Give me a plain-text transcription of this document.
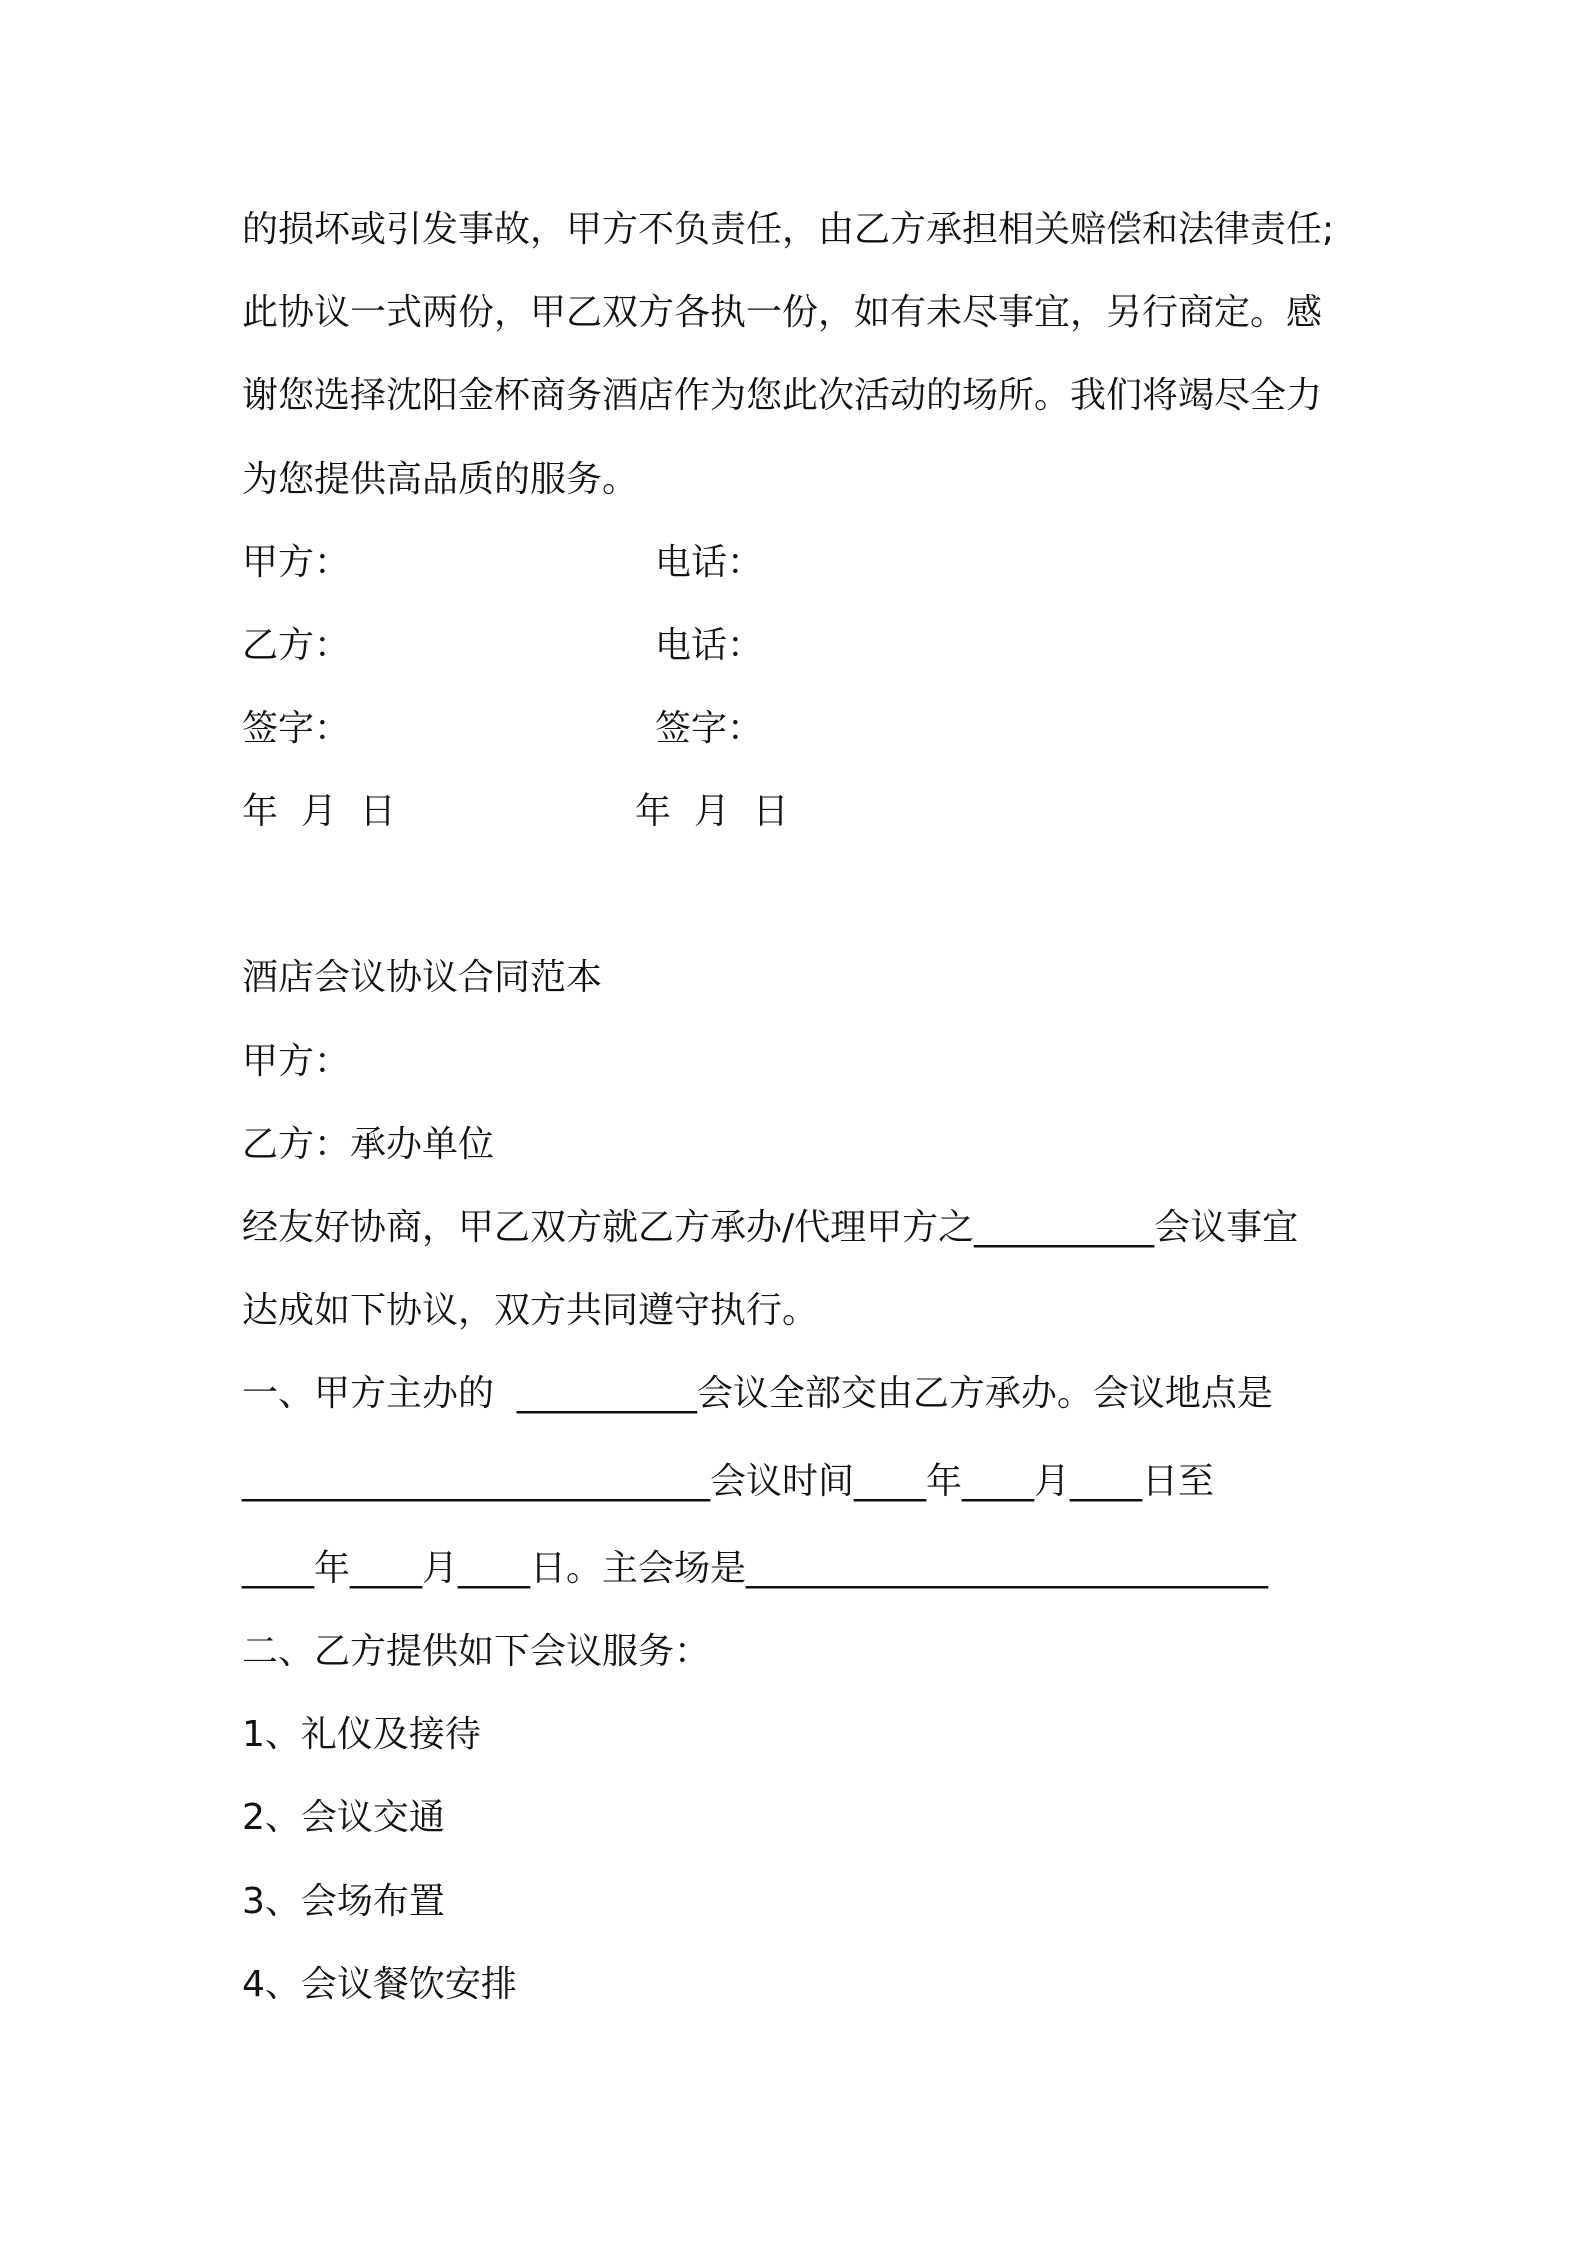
的损坏或引发事故，甲方不负责任，由乙方承担相关赔偿和法律责任;
此协议一式两份，甲乙双方各执一份，如有未尽事宜，另行商定。感
谢您选择沈阳金杯商务酒店作为您此次活动的场所。我们将竭尽全力
为您提供高品质的服务。
甲方：	电话：
乙方：	电话：
签字：	签字：
年  月  日	年  月  日
酒店会议协议合同范本
甲方：
乙方：承办单位
经友好协商，甲乙双方就乙方承办/代理甲方之__________会议事宜
达成如下协议，双方共同遵守执行。
一、甲方主办的  __________会议全部交由乙方承办。会议地点是
__________________________会议时间____年____月____日至
____年____月____日。主会场是_____________________________
二、乙方提供如下会议服务：
1、礼仪及接待
2、会议交通
3、会场布置
4、会议餐饮安排
